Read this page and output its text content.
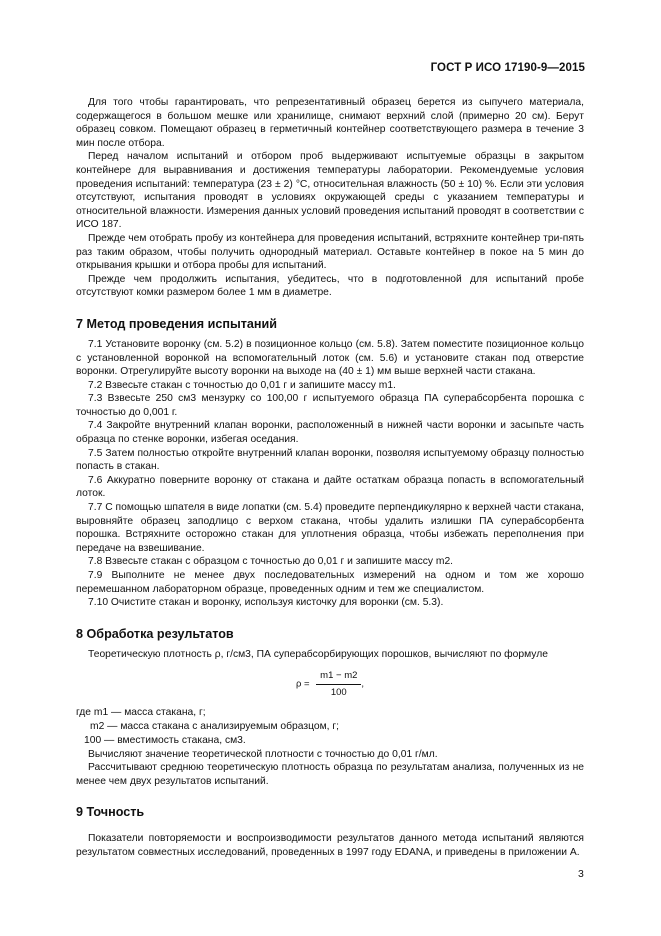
ГОСТ Р ИСО 17190-9—2015

Для того чтобы гарантировать, что репрезентативный образец берется из сыпучего материала, содержащегося в большом мешке или хранилище, снимают верхний слой (примерно 20 см). Берут образец совком. Помещают образец в герметичный контейнер соответствующего размера в течение 3 мин после отбора.

Перед началом испытаний и отбором проб выдерживают испытуемые образцы в закрытом контейнере для выравнивания и достижения температуры лаборатории. Рекомендуемые условия проведения испытаний: температура (23 ± 2) °С, относительная влажность (50 ± 10) %. Если эти условия отсутствуют, испытания проводят в условиях окружающей среды с указанием температуры и относительной влажности. Измерения данных условий проведения испытаний проводят в соответствии с ИСО 187.

Прежде чем отобрать пробу из контейнера для проведения испытаний, встряхните контейнер три-пять раз таким образом, чтобы получить однородный материал. Оставьте контейнер в покое на 5 мин до открывания крышки и отбора пробы для испытаний.

Прежде чем продолжить испытания, убедитесь, что в подготовленной для испытаний пробе отсутствуют комки размером более 1 мм в диаметре.

7 Метод проведения испытаний

7.1 Установите воронку (см. 5.2) в позиционное кольцо (см. 5.8). Затем поместите позиционное кольцо с установленной воронкой на вспомогательный лоток (см. 5.6) и установите стакан под отверстие воронки. Отрегулируйте высоту воронки на выходе на (40 ± 1) мм выше верхней части стакана.

7.2 Взвесьте стакан с точностью до 0,01 г и запишите массу m1.

7.3 Взвесьте 250 см3 мензурку со 100,00 г испытуемого образца ПА суперабсорбента порошка с точностью до 0,001 г.

7.4 Закройте внутренний клапан воронки, расположенный в нижней части воронки и засыпьте часть образца по стенке воронки, избегая оседания.

7.5 Затем полностью откройте внутренний клапан воронки, позволяя испытуемому образцу полностью попасть в стакан.

7.6 Аккуратно поверните воронку от стакана и дайте остаткам образца попасть в вспомогательный лоток.

7.7 С помощью шпателя в виде лопатки (см. 5.4) проведите перпендикулярно к верхней части стакана, выровняйте образец заподлицо с верхом стакана, чтобы удалить излишки ПА суперабсорбента порошка. Встряхните осторожно стакан для уплотнения образца, чтобы избежать переполнения при передаче на взвешивание.

7.8 Взвесьте стакан с образцом с точностью до 0,01 г и запишите массу m2.

7.9 Выполните не менее двух последовательных измерений на одном и том же хорошо перемешанном лабораторном образце, проведенных одним и тем же специалистом.

7.10 Очистите стакан и воронку, используя кисточку для воронки (см. 5.3).

8 Обработка результатов

Теоретическую плотность ρ, г/см3, ПА суперабсорбирующих порошков, вычисляют по формуле

$\rho = \frac{m1 - m2}{100}$ ,
где m1 — масса стакана, г;
m2 — масса стакана с анализируемым образцом, г;
100 — вместимость стакана, см3.

Вычисляют значение теоретической плотности с точностью до 0,01 г/мл.

Рассчитывают среднюю теоретическую плотность образца по результатам анализа, полученных из не менее чем двух результатов испытаний.

9 Точность

Показатели повторяемости и воспроизводимости результатов данного метода испытаний являются результатом совместных исследований, проведенных в 1997 году EDANA, и приведены в приложении А.

3
